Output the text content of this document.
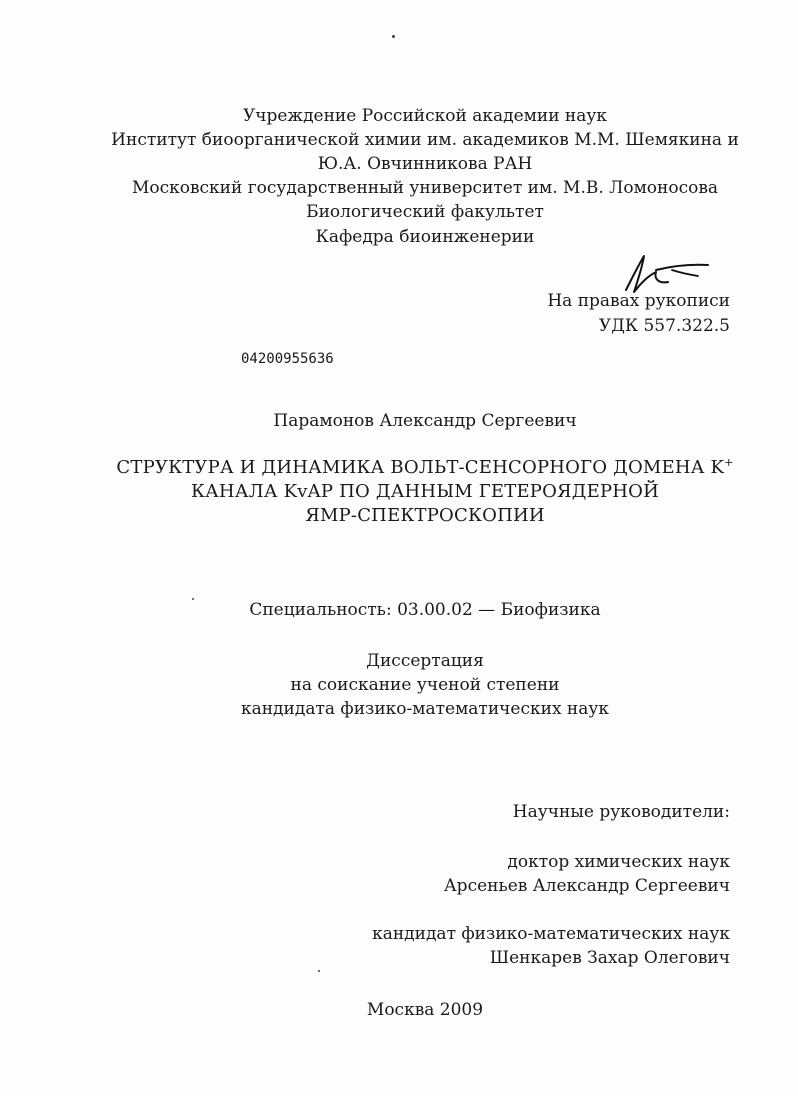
Учреждение Российской академии наук
Институт биоорганической химии им. академиков М.М. Шемякина и
Ю.А. Овчинникова РАН
Московский государственный университет им. М.В. Ломоносова
Биологический факультет
Кафедра биоинженерии
На правах рукописи
УДК 557.322.5
04200955636
Парамонов Александр Сергеевич
СТРУКТУРА И ДИНАМИКА ВОЛЬТ-СЕНСОРНОГО ДОМЕНА K+
КАНАЛА KvAP ПО ДАННЫМ ГЕТЕРОЯДЕРНОЙ
ЯМР-СПЕКТРОСКОПИИ
Специальность: 03.00.02 — Биофизика
Диссертация
на соискание ученой степени
кандидата физико-математических наук
Научные руководители:
доктор химических наук
Арсеньев Александр Сергеевич
кандидат физико-математических наук
Шенкарев Захар Олегович
Москва 2009
